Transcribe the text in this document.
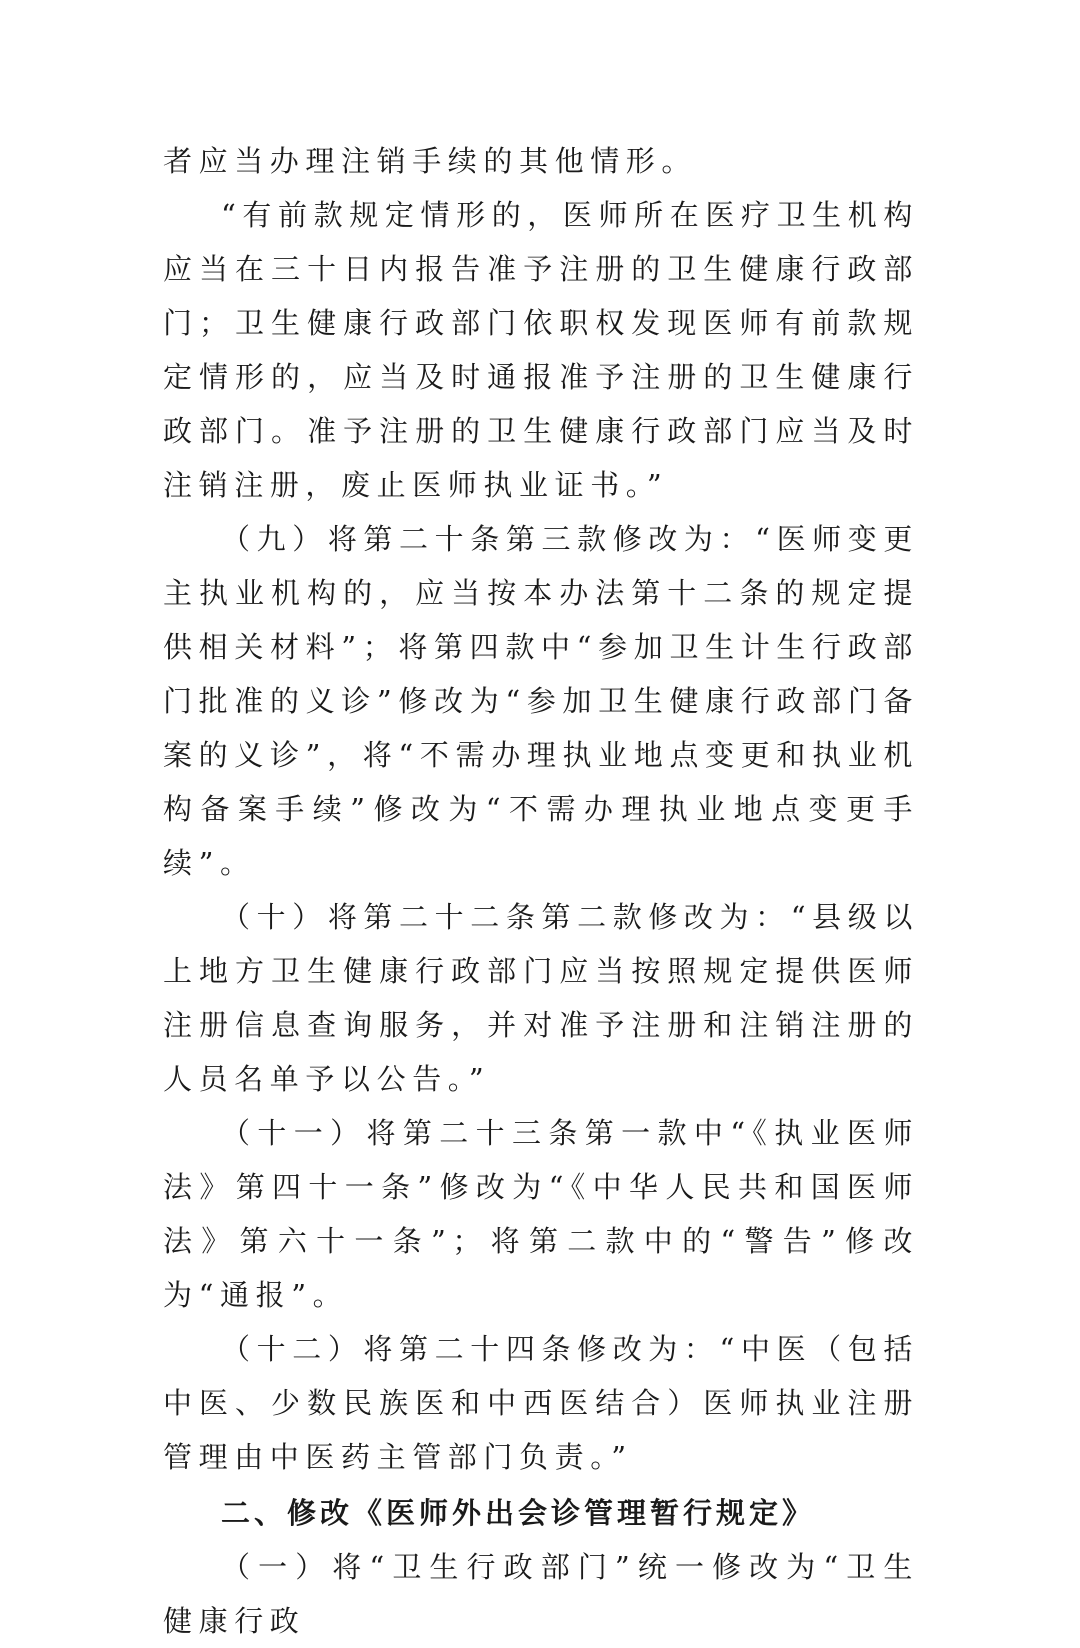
者应当办理注销手续的其他情形。

“有前款规定情形的，医师所在医疗卫生机构应当在三十日内报告准予注册的卫生健康行政部门；卫生健康行政部门依职权发现医师有前款规定情形的，应当及时通报准予注册的卫生健康行政部门。准予注册的卫生健康行政部门应当及时注销注册，废止医师执业证书。”

（九）将第二十条第三款修改为：“医师变更主执业机构的，应当按本办法第十二条的规定提供相关材料”；将第四款中“参加卫生计生行政部门批准的义诊”修改为“参加卫生健康行政部门备案的义诊”，将“不需办理执业地点变更和执业机构备案手续”修改为“不需办理执业地点变更手续”。

（十）将第二十二条第二款修改为：“县级以上地方卫生健康行政部门应当按照规定提供医师注册信息查询服务，并对准予注册和注销注册的人员名单予以公告。”

（十一）将第二十三条第一款中“《执业医师法》第四十一条”修改为“《中华人民共和国医师法》第六十一条”；将第二款中的“警告”修改为“通报”。

（十二）将第二十四条修改为：“中医（包括中医、少数民族医和中西医结合）医师执业注册管理由中医药主管部门负责。”

二、修改《医师外出会诊管理暂行规定》

（一）将“卫生行政部门”统一修改为“卫生健康行政
